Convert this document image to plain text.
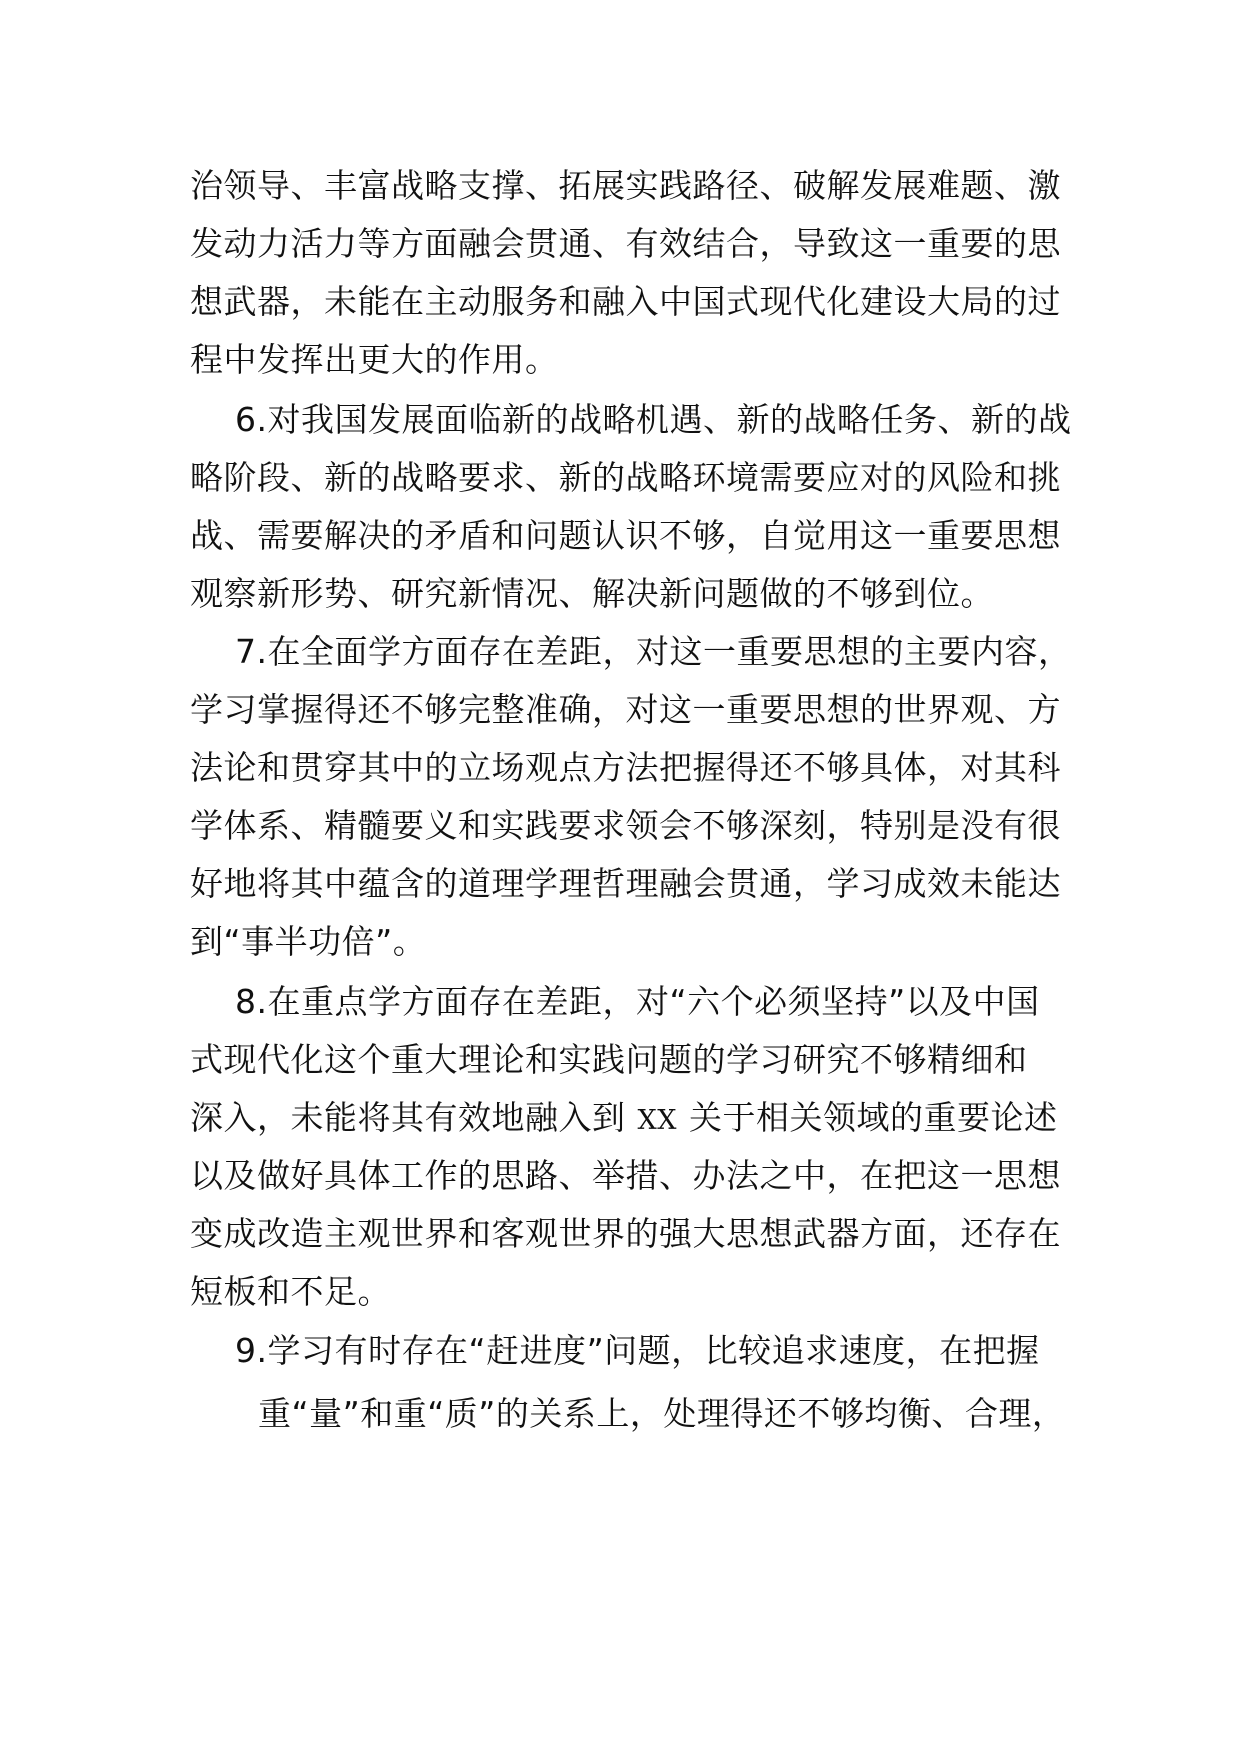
治领导、丰富战略支撑、拓展实践路径、破解发展难题、激
发动力活力等方面融会贯通、有效结合，导致这一重要的思
想武器，未能在主动服务和融入中国式现代化建设大局的过
程中发挥出更大的作用。
6.对我国发展面临新的战略机遇、新的战略任务、新的战
略阶段、新的战略要求、新的战略环境需要应对的风险和挑
战、需要解决的矛盾和问题认识不够，自觉用这一重要思想
观察新形势、研究新情况、解决新问题做的不够到位。
7.在全面学方面存在差距，对这一重要思想的主要内容，
学习掌握得还不够完整准确，对这一重要思想的世界观、方
法论和贯穿其中的立场观点方法把握得还不够具体，对其科
学体系、精髓要义和实践要求领会不够深刻，特别是没有很
好地将其中蕴含的道理学理哲理融会贯通，学习成效未能达
到“事半功倍”。
8.在重点学方面存在差距，对“六个必须坚持”以及中国
式现代化这个重大理论和实践问题的学习研究不够精细和
深入，未能将其有效地融入到 XX 关于相关领域的重要论述
以及做好具体工作的思路、举措、办法之中，在把这一思想
变成改造主观世界和客观世界的强大思想武器方面，还存在
短板和不足。
9.学习有时存在“赶进度”问题，比较追求速度，在把握
重“量”和重“质”的关系上，处理得还不够均衡、合理，
